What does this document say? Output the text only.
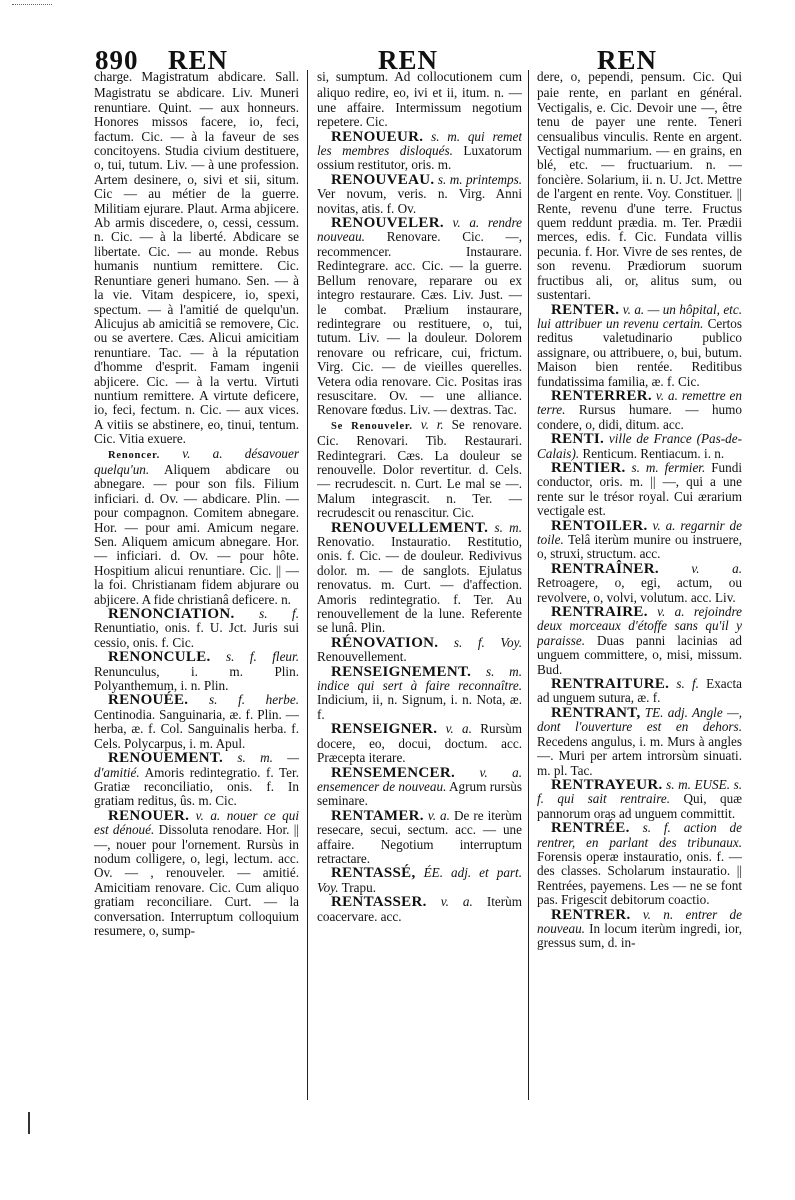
890 REN	REN	REN

charge. Magistratum abdicare. Sall. Magistratu se abdicare. Liv. Muneri renuntiare. Quint. — aux honneurs. Honores missos facere, io, feci, factum. Cic. — à la faveur de ses concitoyens. Studia civium destituere, o, tui, tutum. Liv. — à une profession. Artem desinere, o, sivi et sii, situm. Cic — au métier de la guerre. Militiam ejurare. Plaut. Arma abjicere. Ab armis discedere, o, cessi, cessum. n. Cic. — à la liberté. Abdicare se libertate. Cic. — au monde. Rebus humanis nuntium remittere. Cic. Renuntiare generi humano. Sen. — à la vie. Vitam despicere, io, spexi, spectum. — à l'amitié de quelqu'un. Alicujus ab amicitiâ se removere, Cic. ou se avertere. Cæs. Alicui amicitiam renuntiare. Tac. — à la réputation d'homme d'esprit. Famam ingenii abjicere. Cic. — à la vertu. Virtuti nuntium remittere. A virtute deficere, io, feci, fectum. n. Cic. — aux vices. A vitiis se abstinere, eo, tinui, tentum. Cic. Vitia exuere.

Renoncer. v. a. désavouer quelqu'un. Aliquem abdicare ou abnegare. — pour son fils. Filium inficiari. d. Ov. — abdicare. Plin. — pour compagnon. Comitem abnegare. Hor. — pour ami. Amicum negare. Sen. Aliquem amicum abnegare. Hor. — inficiari. d. Ov. — pour hôte. Hospitium alicui renuntiare. Cic. || — la foi. Christianam fidem abjurare ou abjicere. A fide christianâ deficere. n.

RENONCIATION. s. f. Renuntiatio, onis. f. U. Jct. Juris sui cessio, onis. f. Cic.

RENONCULE. s. f. fleur. Renunculus, i. m. Plin. Polyanthemum, i. n. Plin.

RENOUÉE. s. f. herbe. Centinodia. Sanguinaria, æ. f. Plin. — herba, æ. f. Col. Sanguinalis herba. f. Cels. Polycarpus, i. m. Apul.

RENOUEMENT. s. m. — d'amitié. Amoris redintegratio. f. Ter. Gratiæ reconciliatio, onis. f. In gratiam reditus, ûs. m. Cic.

RENOUER. v. a. nouer ce qui est dénoué. Dissoluta renodare. Hor. || —, nouer pour l'ornement. Rursùs in nodum colligere, o, legi, lectum. acc. Ov. — , renouveler. — amitié. Amicitiam renovare. Cic. Cum aliquo gratiam reconciliare. Curt. — la conversation. Interruptum colloquium resumere, o, sump-

si, sumptum. Ad collocutionem cum aliquo redire, eo, ivi et ii, itum. n. — une affaire. Intermissum negotium repetere. Cic.

RENOUEUR. s. m. qui remet les membres disloqués. Luxatorum ossium restitutor, oris. m.

RENOUVEAU. s. m. printemps. Ver novum, veris. n. Virg. Anni novitas, atis. f. Ov.

RENOUVELER. v. a. rendre nouveau. Renovare. Cic. —, recommencer. Instaurare. Redintegrare. acc. Cic. — la guerre. Bellum renovare, reparare ou ex integro restaurare. Cæs. Liv. Just. — le combat. Prælium instaurare, redintegrare ou restituere, o, tui, tutum. Liv. — la douleur. Dolorem renovare ou refricare, cui, frictum. Virg. Cic. — de vieilles querelles. Vetera odia renovare. Cic. Positas iras resuscitare. Ov. — une alliance. Renovare fœdus. Liv. — dextras. Tac.

Se Renouveler. v. r. Se renovare. Cic. Renovari. Tib. Restaurari. Redintegrari. Cæs. La douleur se renouvelle. Dolor revertitur. d. Cels. — recrudescit. n. Curt. Le mal se —. Malum integrascit. n. Ter. — recrudescit ou renascitur. Cic.

RENOUVELLEMENT. s. m. Renovatio. Instauratio. Restitutio, onis. f. Cic. — de douleur. Redivivus dolor. m. — de sanglots. Ejulatus renovatus. m. Curt. — d'affection. Amoris redintegratio. f. Ter. Au renouvellement de la lune. Referente se lunâ. Plin.

RÉNOVATION. s. f. Voy. Renouvellement.

RENSEIGNEMENT. s. m. indice qui sert à faire reconnaître. Indicium, ii, n. Signum, i. n. Nota, æ. f.

RENSEIGNER. v. a. Rursùm docere, eo, docui, doctum. acc. Præcepta iterare.

RENSEMENCER. v. a. ensemencer de nouveau. Agrum rursùs seminare.

RENTAMER. v. a. De re iterùm resecare, secui, sectum. acc. — une affaire. Negotium interruptum retractare.

RENTASSÉ, ÉE. adj. et part. Voy. Trapu.

RENTASSER. v. a. Iterùm coacervare. acc.

dere, o, pependi, pensum. Cic. Qui paie rente, en parlant en général. Vectigalis, e. Cic. Devoir une —, être tenu de payer une rente. Teneri censualibus vinculis. Rente en argent. Vectigal nummarium. — en grains, en blé, etc. — fructuarium. n. — foncière. Solarium, ii. n. U. Jct. Mettre de l'argent en rente. Voy. Constituer. || Rente, revenu d'une terre. Fructus quem reddunt prædia. m. Ter. Prædii merces, edis. f. Cic. Fundata villis pecunia. f. Hor. Vivre de ses rentes, de son revenu. Prædiorum suorum fructibus ali, or, alitus sum, ou sustentari.

RENTER. v. a. — un hôpital, etc. lui attribuer un revenu certain. Certos reditus valetudinario publico assignare, ou attribuere, o, bui, butum. Maison bien rentée. Reditibus fundatissima familia, æ. f. Cic.

RENTERRER. v. a. remettre en terre. Rursus humare. — humo condere, o, didi, ditum. acc.

RENTI. ville de France (Pas-de-Calais). Renticum. Rentiacum. i. n.

RENTIER. s. m. fermier. Fundi conductor, oris. m. || —, qui a une rente sur le trésor royal. Cui ærarium vectigale est.

RENTOILER. v. a. regarnir de toile. Telâ iterùm munire ou instruere, o, struxi, structum. acc.

RENTRAÎNER. v. a. Retroagere, o, egi, actum, ou revolvere, o, volvi, volutum. acc. Liv.

RENTRAIRE. v. a. rejoindre deux morceaux d'étoffe sans qu'il y paraisse. Duas panni lacinias ad unguem committere, o, misi, missum. Bud.

RENTRAITURE. s. f. Exacta ad unguem sutura, æ. f.

RENTRANT, TE. adj. Angle —, dont l'ouverture est en dehors. Recedens angulus, i. m. Murs à angles —. Muri per artem introrsùm sinuati. m. pl. Tac.

RENTRAYEUR. s. m. EUSE. s. f. qui sait rentraire. Qui, quæ pannorum oras ad unguem committit.

RENTRÉE. s. f. action de rentrer, en parlant des tribunaux. Forensis operæ instauratio, onis. f. — des classes. Scholarum instauratio. || Rentrées, payemens. Les — ne se font pas. Frigescit debitorum coactio.

RENTRER. v. n. entrer de nouveau. In locum iterùm ingredi, ior, gressus sum, d. in-
